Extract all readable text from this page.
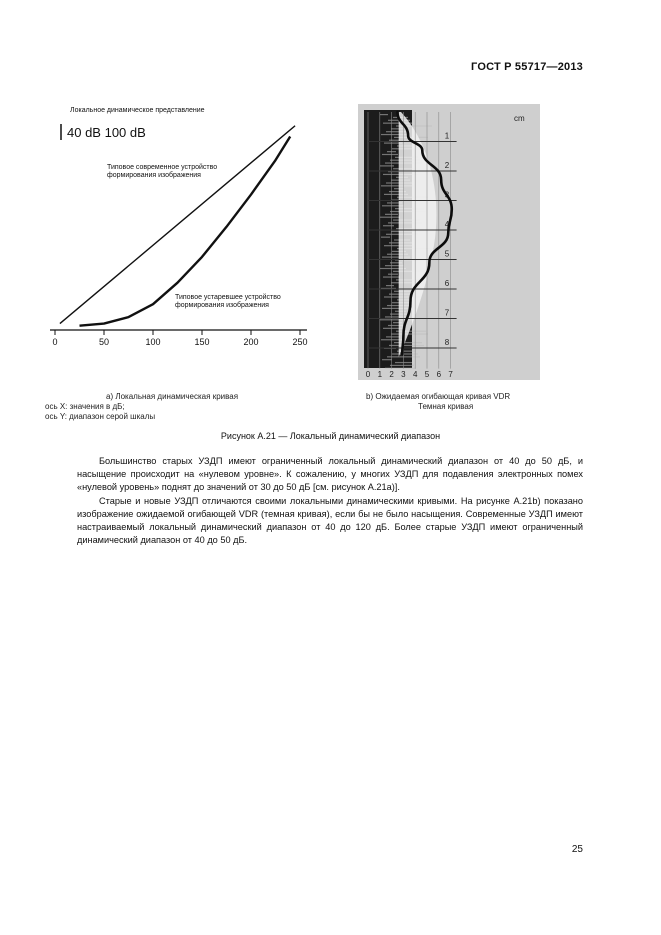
ГОСТ Р 55717—2013
Локальное динамическое представление
40 dB 100 dB
Типовое современное устройство
формирования изображения
Типовое устаревшее устройство
формирования изображения
0	50	100	150	200	250
1
2
3
4
5
6
7
8
0 1 2 3 4 5 6 7
cm
а) Локальная динамическая кривая
ось X: значения в дБ;
ось Y: диапазон серой шкалы
b) Ожидаемая огибающая кривая VDR
Темная кривая
Рисунок А.21 — Локальный динамический диапазон

Большинство старых УЗДП имеют ограниченный локальный динамический диапазон от 40 до 50 дБ, и насыщение происходит на «нулевом уровне». К сожалению, у многих УЗДП для подавления электронных помех «нулевой уровень» поднят до значений от 30 до 50 дБ [см. рисунок А.21а)].

Старые и новые УЗДП отличаются своими локальными динамическими кривыми. На рисунке А.21b) показано изображение ожидаемой огибающей VDR (темная кривая), если бы не было насыщения. Современные УЗДП имеют настраиваемый локальный динамический диапазон от 40 до 120 дБ. Более старые УЗДП имеют ограниченный динамический диапазон от 40 до 50 дБ.

25
